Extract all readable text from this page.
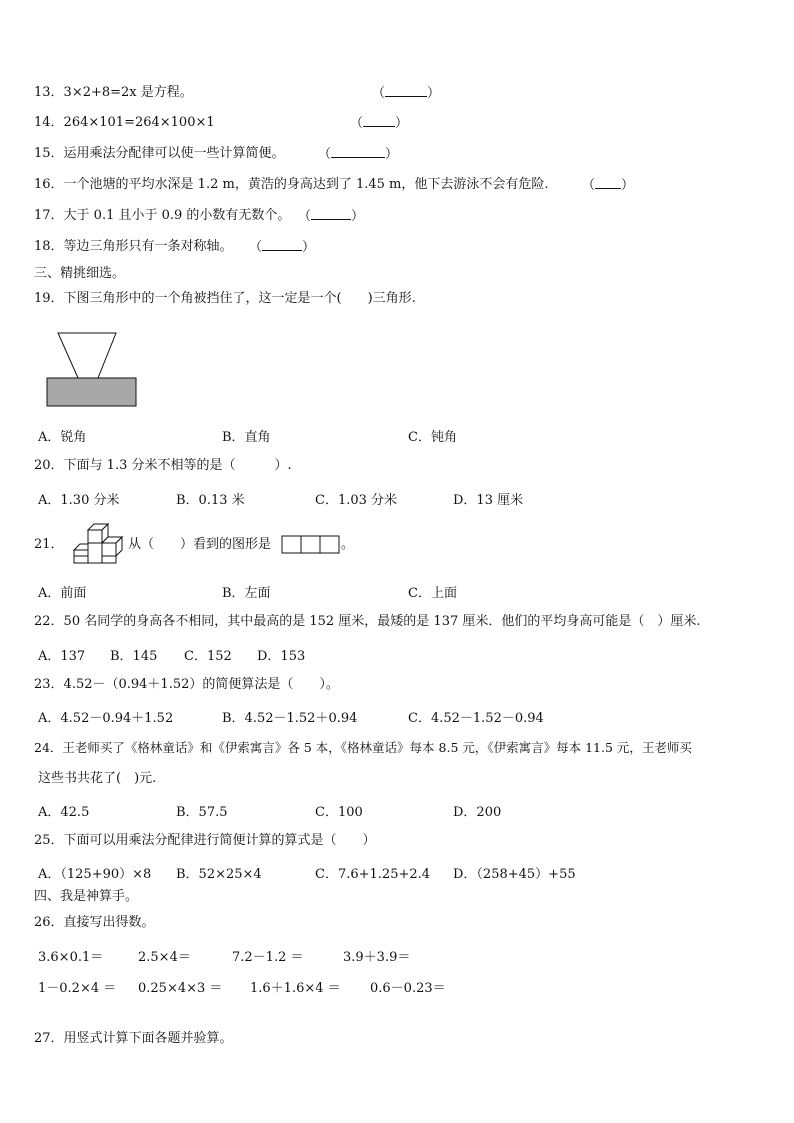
13．3×2+8=2x 是方程。	（	）
14．264×101=264×100×1	（ ）
15．运用乘法分配律可以使一些计算简便。	（	）
16．一个池塘的平均水深是 1.2 m，黄浩的身高达到了 1.45 m，他下去游泳不会有危险.	（ ）
17．大于 0.1 且小于 0.9 的小数有无数个。 （	）
18．等边三角形只有一条对称轴。 （	）
三、精挑细选。
19．下图三角形中的一个角被挡住了，这一定是一个(　　)三角形.
A．锐角	B．直角	C．钝角
20．下面与 1.3 分米不相等的是（　　　）.
A．1.30 分米	B．0.13 米	C．1.03 分米	D．13 厘米
21．	从（　　）看到的图形是	。
A．前面	B．左面	C．上面
22．50 名同学的身高各不相同，其中最高的是 152 厘米，最矮的是 137 厘米．他们的平均身高可能是（　）厘米.
A．137 B．145 C．152 D．153
23．4.52－（0.94＋1.52）的简便算法是（　　）。
A．4.52－0.94＋1.52	B．4.52－1.52＋0.94	C．4.52－1.52－0.94
24．王老师买了《格林童话》和《伊索寓言》各 5 本，《格林童话》每本 8.5 元，《伊索寓言》每本 11.5 元，王老师买
这些书共花了(　)元.
A．42.5	B．57.5	C．100	D．200
25．下面可以用乘法分配律进行简便计算的算式是（　　）
A．（125+90）×8 B．52×25×4	C．7.6+1.25+2.4 D．（258+45）+55
四、我是神算手。
26．直接写出得数。
3.6×0.1＝	2.5×4＝	7.2－1.2 ＝	3.9＋3.9＝
1－0.2×4 ＝ 0.25×4×3 ＝ 1.6＋1.6×4 ＝ 0.6－0.23＝
27．用竖式计算下面各题并验算。
